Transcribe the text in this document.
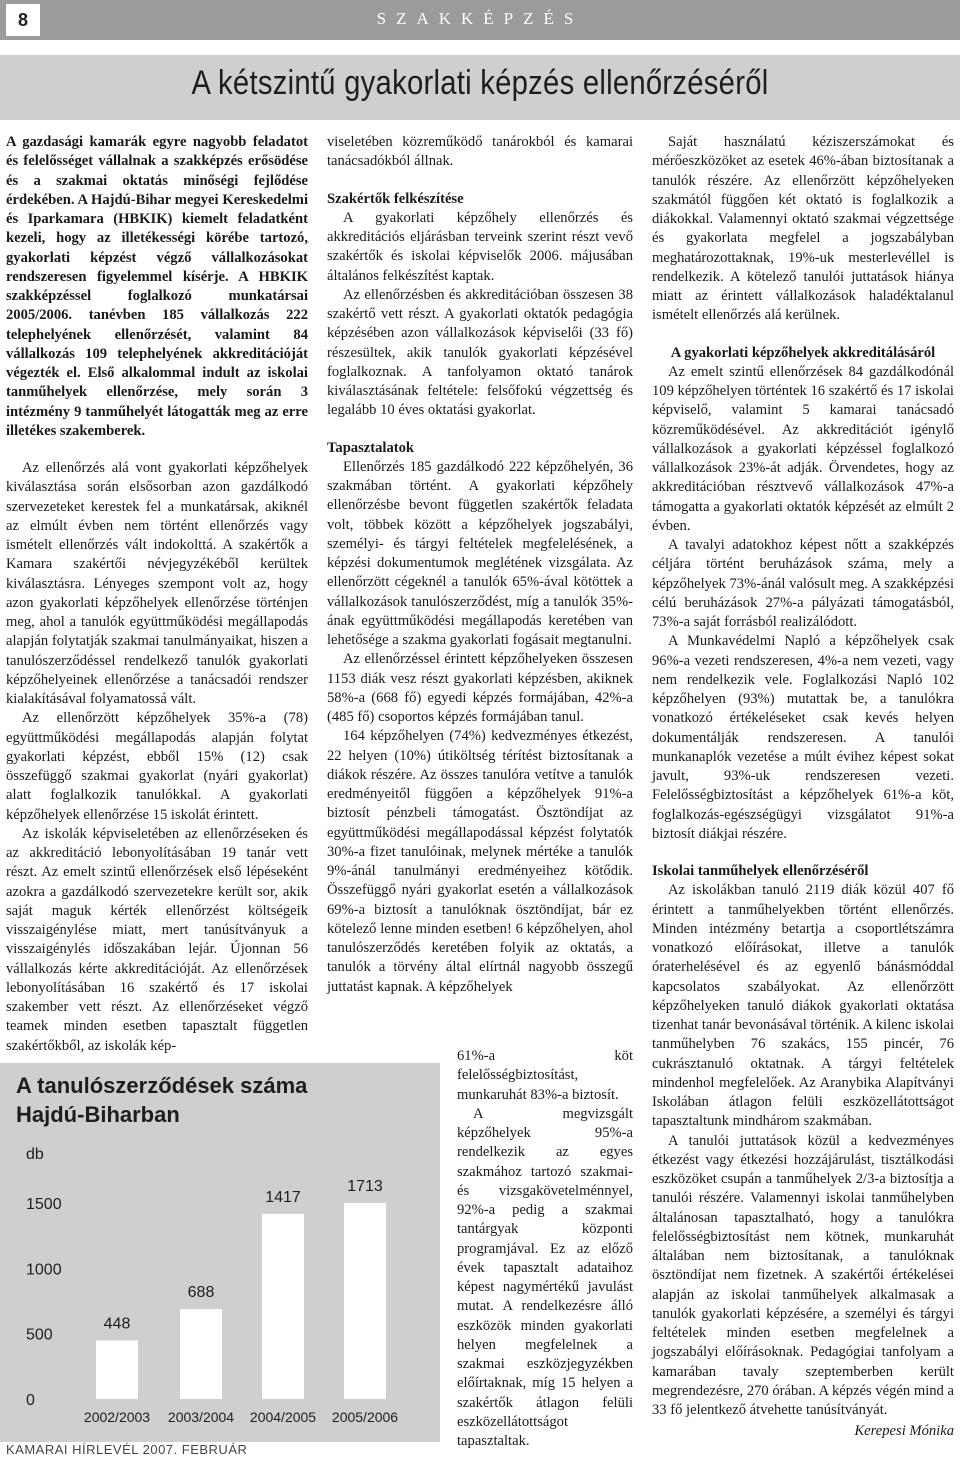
8	SZAKKÉPZÉS
A kétszintű gyakorlati képzés ellenőrzéséről

A gazdasági kamarák egyre nagyobb feladatot és felelősséget vállalnak a szakképzés erősödése és a szakmai oktatás minőségi fejlődése érdekében. A Hajdú-Bihar megyei Kereskedelmi és Iparkamara (HBKIK) kiemelt feladatként kezeli, hogy az illetékességi körébe tartozó, gyakorlati képzést végző vállalkozásokat rendszeresen figyelemmel kísérje. A HBKIK szakképzéssel foglalkozó munkatársai 2005/2006. tanévben 185 vállalkozás 222 telephelyének ellenőrzését, valamint 84 vállalkozás 109 telephelyének akkreditációját végezték el. Első alkalommal indult az iskolai tanműhelyek ellenőrzése, mely során 3 intézmény 9 tanműhelyét látogatták meg az erre illetékes szakemberek.

Az ellenőrzés alá vont gyakorlati képzőhelyek kiválasztása során elsősorban azon gazdálkodó szervezeteket kerestek fel a munkatársak, akiknél az elmúlt évben nem történt ellenőrzés vagy ismételt ellenőrzés vált indokolttá. A szakértők a Kamara szakértői névjegyzékéből kerültek kiválasztásra. Lényeges szempont volt az, hogy azon gyakorlati képzőhelyek ellenőrzése történjen meg, ahol a tanulók együttműködési megállapodás alapján folytatják szakmai tanulmányaikat, hiszen a tanulószerződéssel rendelkező tanulók gyakorlati képzőhelyeinek ellenőrzése a tanácsadói rendszer kialakításával folyamatossá vált.

Az ellenőrzött képzőhelyek 35%-a (78) együttműködési megállapodás alapján folytat gyakorlati képzést, ebből 15% (12) csak összefüggő szakmai gyakorlat (nyári gyakorlat) alatt foglalkozik tanulókkal. A gyakorlati képzőhelyek ellenőrzése 15 iskolát érintett.

Az iskolák képviseletében az ellenőrzéseken és az akkreditáció lebonyolításában 19 tanár vett részt. Az emelt szintű ellenőrzések első lépéseként azokra a gazdálkodó szervezetekre került sor, akik saját maguk kérték ellenőrzést költségeik visszaigénylése miatt, mert tanúsítványuk a visszaigénylés időszakában lejár. Újonnan 56 vállalkozás kérte akkreditációját. Az ellenőrzések lebonyolításában 16 szakértő és 17 iskolai szakember vett részt. Az ellenőrzéseket végző teamek minden esetben tapasztalt független szakértőkből, az iskolák kép-

viseletében közreműködő tanárokból és kamarai tanácsadókból állnak.

Szakértők felkészítése

A gyakorlati képzőhely ellenőrzés és akkreditációs eljárásban terveink szerint részt vevő szakértők és iskolai képviselők 2006. májusában általános felkészítést kaptak.

Az ellenőrzésben és akkreditációban összesen 38 szakértő vett részt. A gyakorlati oktatók pedagógia képzésében azon vállalkozások képviselői (33 fő) részesültek, akik tanulók gyakorlati képzésével foglalkoznak. A tanfolyamon oktató tanárok kiválasztásának feltétele: felsőfokú végzettség és legalább 10 éves oktatási gyakorlat.

Tapasztalatok

Ellenőrzés 185 gazdálkodó 222 képzőhelyén, 36 szakmában történt. A gyakorlati képzőhely ellenőrzésbe bevont független szakértők feladata volt, többek között a képzőhelyek jogszabályi, személyi- és tárgyi feltételek megfelelésének, a képzési dokumentumok meglétének vizsgálata. Az ellenőrzött cégeknél a tanulók 65%-ával kötöttek a vállalkozások tanulószerződést, míg a tanulók 35%-ának együttműködési megállapodás keretében van lehetősége a szakma gyakorlati fogásait megtanulni.

Az ellenőrzéssel érintett képzőhelyeken összesen 1153 diák vesz részt gyakorlati képzésben, akiknek 58%-a (668 fő) egyedi képzés formájában, 42%-a (485 fő) csoportos képzés formájában tanul.

164 képzőhelyen (74%) kedvezményes étkezést, 22 helyen (10%) útiköltség térítést biztosítanak a diákok részére. Az összes tanulóra vetítve a tanulók eredményeitől függően a képzőhelyek 91%-a biztosít pénzbeli támogatást. Ösztöndíjat az együttműködési megállapodással képzést folytatók 30%-a fizet tanulóinak, melynek mértéke a tanulók 9%-ánál tanulmányi eredményeihez kötődik. Összefüggő nyári gyakorlat esetén a vállalkozások 69%-a biztosít a tanulóknak ösztöndíjat, bár ez kötelező lenne minden esetben! 6 képzőhelyen, ahol tanulószerződés keretében folyik az oktatás, a tanulók a törvény által elírtnál nagyobb összegű juttatást kapnak. A képzőhelyek

61%-a köt felelősségbiztosítást, munkaruhát 83%-a biztosít.

A megvizsgált képzőhelyek 95%-a rendelkezik az egyes szakmához tartozó szakmai- és vizsgakövetelménnyel, 92%-a pedig a szakmai tantárgyak központi programjával. Ez az előző évek tapasztalt adataihoz képest nagymértékű javulást mutat. A rendelkezésre álló eszközök minden gyakorlati helyen megfelelnek a szakmai eszközjegyzékben előírtaknak, míg 15 helyen a szakértők átlagon felüli eszközellátottságot tapasztaltak.

Saját használatú kéziszerszámokat és mérőeszközöket az esetek 46%-ában biztosítanak a tanulók részére. Az ellenőrzött képzőhelyeken szakmától függően két oktató is foglalkozik a diákokkal. Valamennyi oktató szakmai végzettsége és gyakorlata megfelel a jogszabályban meghatározottaknak, 19%-uk mesterlevéllel is rendelkezik. A kötelező tanulói juttatások hiánya miatt az érintett vállalkozások haladéktalanul ismételt ellenőrzés alá kerülnek.

A gyakorlati képzőhelyek akkreditálásáról

Az emelt szintű ellenőrzések 84 gazdálkodónál 109 képzőhelyen történtek 16 szakértő és 17 iskolai képviselő, valamint 5 kamarai tanácsadó közreműködésével. Az akkreditációt igénylő vállalkozások a gyakorlati képzéssel foglalkozó vállalkozások 23%-át adják. Örvendetes, hogy az akkreditációban résztvevő vállalkozások 47%-a támogatta a gyakorlati oktatók képzését az elmúlt 2 évben.

A tavalyi adatokhoz képest nőtt a szakképzés céljára történt beruházások száma, mely a képzőhelyek 73%-ánál valósult meg. A szakképzési célú beruházások 27%-a pályázati támogatásból, 73%-a saját forrásból realizálódott.

A Munkavédelmi Napló a képzőhelyek csak 96%-a vezeti rendszeresen, 4%-a nem vezeti, vagy nem rendelkezik vele. Foglalkozási Napló 102 képzőhelyen (93%) mutattak be, a tanulókra vonatkozó értékeléseket csak kevés helyen dokumentálják rendszeresen. A tanulói munkanaplók vezetése a múlt évihez képest sokat javult, 93%-uk rendszeresen vezeti. Felelősségbiztosítást a képzőhelyek 61%-a köt, foglalkozás-egészségügyi vizsgálatot 91%-a biztosít diákjai részére.

Iskolai tanműhelyek ellenőrzéséről

Az iskolákban tanuló 2119 diák közül 407 fő érintett a tanműhelyekben történt ellenőrzés. Minden intézmény betartja a csoportlétszámra vonatkozó előírásokat, illetve a tanulók óraterhelésével és az egyenlő bánásmóddal kapcsolatos szabályokat. Az ellenőrzött képzőhelyeken tanuló diákok gyakorlati oktatása tizenhat tanár bevonásával történik. A kilenc iskolai tanműhelyben 76 szakács, 155 pincér, 76 cukrásztanuló oktatnak. A tárgyi feltételek mindenhol megfelelőek. Az Aranybika Alapítványi Iskolában átlagon felüli eszközellátottságot tapasztaltunk mindhárom szakmában.

A tanulói juttatások közül a kedvezményes étkezést vagy étkezési hozzájárulást, tisztálkodási eszközöket csupán a tanműhelyek 2/3-a biztosítja a tanulói részére. Valamennyi iskolai tanműhelyben általánosan tapasztalható, hogy a tanulókra felelősségbiztosítást nem kötnek, munkaruhát általában nem biztosítanak, a tanulóknak ösztöndíjat nem fizetnek. A szakértői értékelései alapján az iskolai tanműhelyek alkalmasak a tanulók gyakorlati képzésére, a személyi és tárgyi feltételek minden esetben megfelelnek a jogszabályi előírásoknak. Pedagógiai tanfolyam a kamarában tavaly szeptemberben került megrendezésre, 270 órában. A képzés végén mind a 33 fő jelentkező átvehette tanúsítványát.

Kerepesi Mónika
A tanulószerződések száma Hajdú-Biharban
db
0
500
1000
1500
448
2002/2003
688
2003/2004
1417
2004/2005
1713
2005/2006
KAMARAI HÍRLEVÉL 2007. FEBRUÁR
